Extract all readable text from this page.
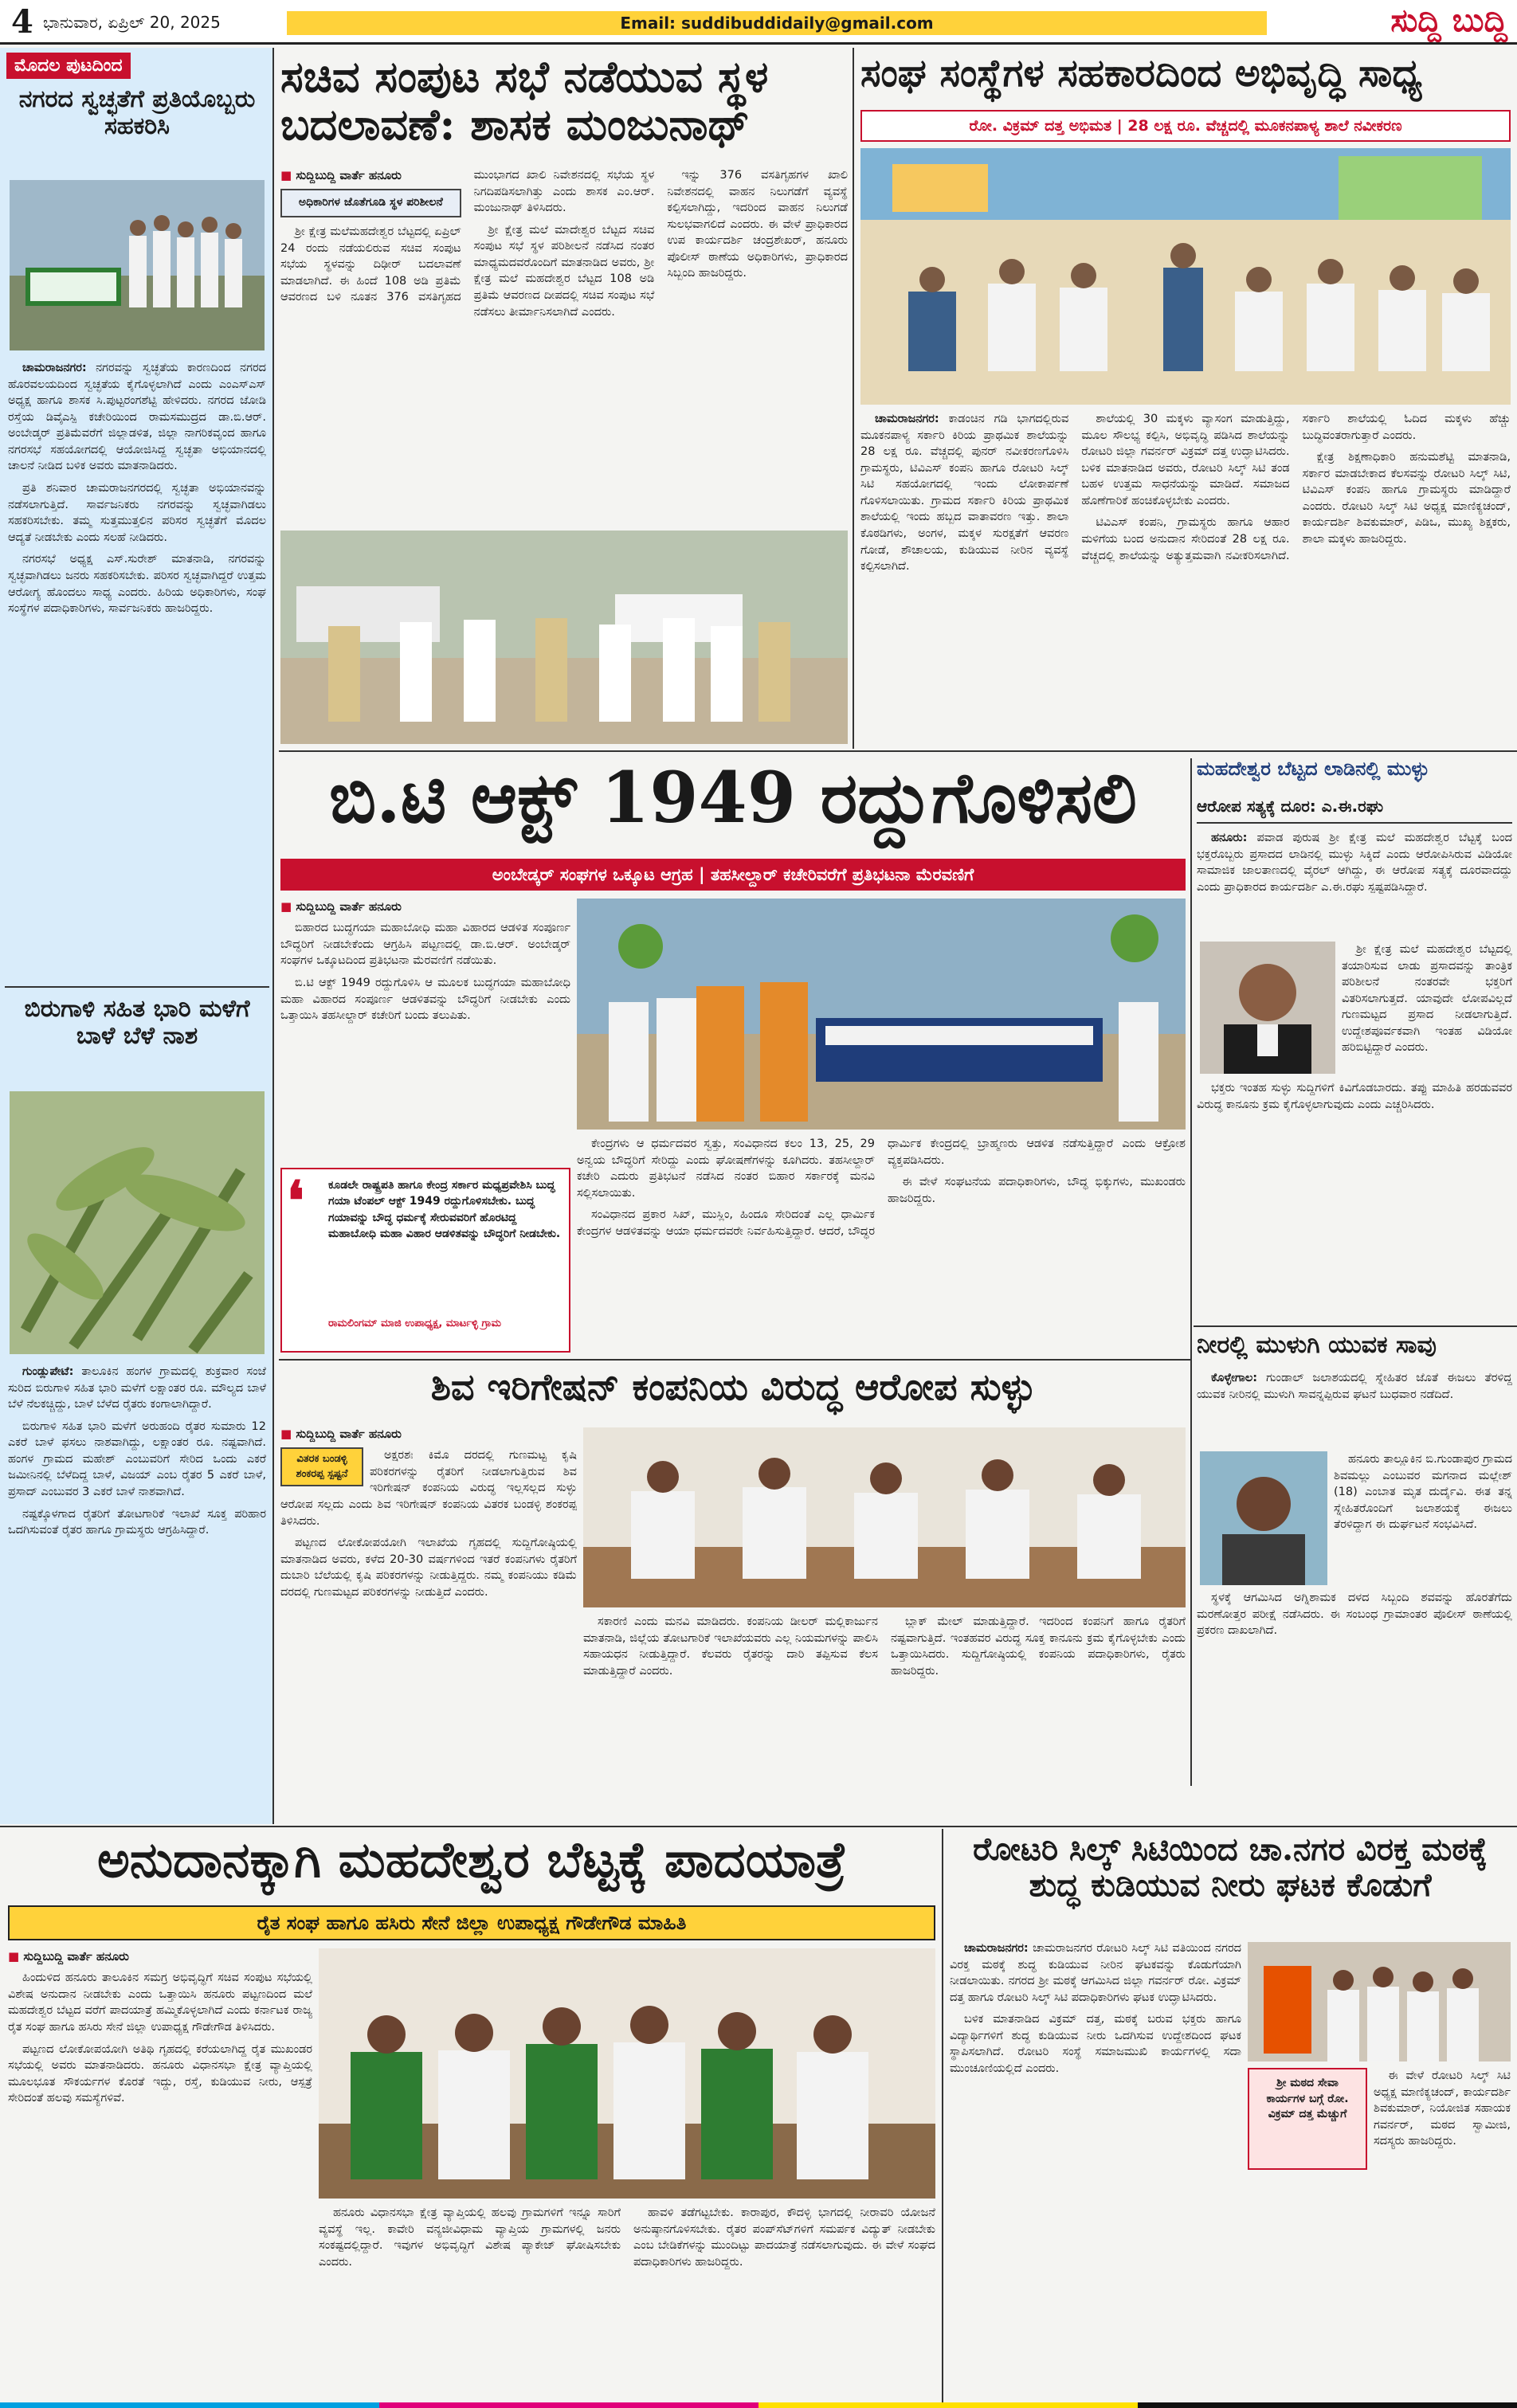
4 ಭಾನುವಾರ, ಏಪ್ರಿಲ್ 20, 2025	Email: suddibuddidaily@gmail.com	ಸುದ್ದಿ ಬುದ್ದಿ
ಮೊದಲ ಪುಟದಿಂದ
ನಗರದ ಸ್ವಚ್ಛತೆಗೆ ಪ್ರತಿಯೊಬ್ಬರು ಸಹಕರಿಸಿ

ಚಾಮರಾಜನಗರ: ನಗರವನ್ನು ಸ್ವಚ್ಛತೆಯ ಕಾರಣದಿಂದ ನಗರದ ಹೊರವಲಯದಿಂದ ಸ್ವಚ್ಛತೆಯ ಕೈಗೊಳ್ಳಲಾಗಿದೆ ಎಂದು ಎಂಎಸ್‌ಎಸ್ ಅಧ್ಯಕ್ಷ ಹಾಗೂ ಶಾಸಕ ಸಿ.ಪುಟ್ಟರಂಗಶೆಟ್ಟಿ ಹೇಳಿದರು. ನಗರದ ಜೋಡಿ ರಸ್ತೆಯ ಡಿವೈಎಸ್ಪಿ ಕಚೇರಿಯಿಂದ ರಾಮಸಮುದ್ರದ ಡಾ.ಬಿ.ಆರ್. ಅಂಬೇಡ್ಕರ್ ಪ್ರತಿಮೆವರೆಗೆ ಜಿಲ್ಲಾಡಳಿತ, ಜಿಲ್ಲಾ ನಾಗರಿಕವೃಂದ ಹಾಗೂ ನಗರಸಭೆ ಸಹಯೋಗದಲ್ಲಿ ಆಯೋಜಿಸಿದ್ದ ಸ್ವಚ್ಛತಾ ಅಭಿಯಾನದಲ್ಲಿ ಚಾಲನೆ ನೀಡಿದ ಬಳಿಕ ಅವರು ಮಾತನಾಡಿದರು.

ಪ್ರತಿ ಶನಿವಾರ ಚಾಮರಾಜನಗರದಲ್ಲಿ ಸ್ವಚ್ಛತಾ ಅಭಿಯಾನವನ್ನು ನಡೆಸಲಾಗುತ್ತಿದೆ. ಸಾರ್ವಜನಿಕರು ನಗರವನ್ನು ಸ್ವಚ್ಛವಾಗಿಡಲು ಸಹಕರಿಸಬೇಕು. ತಮ್ಮ ಸುತ್ತಮುತ್ತಲಿನ ಪರಿಸರ ಸ್ವಚ್ಛತೆಗೆ ಮೊದಲ ಆದ್ಯತೆ ನೀಡಬೇಕು ಎಂದು ಸಲಹೆ ನೀಡಿದರು.

ನಗರಸಭೆ ಅಧ್ಯಕ್ಷ ಎಸ್.ಸುರೇಶ್ ಮಾತನಾಡಿ, ನಗರವನ್ನು ಸ್ವಚ್ಛವಾಗಿಡಲು ಜನರು ಸಹಕರಿಸಬೇಕು. ಪರಿಸರ ಸ್ವಚ್ಛವಾಗಿದ್ದರೆ ಉತ್ತಮ ಆರೋಗ್ಯ ಹೊಂದಲು ಸಾಧ್ಯ ಎಂದರು. ಹಿರಿಯ ಅಧಿಕಾರಿಗಳು, ಸಂಘ ಸಂಸ್ಥೆಗಳ ಪದಾಧಿಕಾರಿಗಳು, ಸಾರ್ವಜನಿಕರು ಹಾಜರಿದ್ದರು.

ಬಿರುಗಾಳಿ ಸಹಿತ ಭಾರಿ ಮಳೆಗೆ ಬಾಳೆ ಬೆಳೆ ನಾಶ

ಗುಂಡ್ಲುಪೇಟೆ: ತಾಲೂಕಿನ ಹಂಗಳ ಗ್ರಾಮದಲ್ಲಿ ಶುಕ್ರವಾರ ಸಂಜೆ ಸುರಿದ ಬಿರುಗಾಳಿ ಸಹಿತ ಭಾರಿ ಮಳೆಗೆ ಲಕ್ಷಾಂತರ ರೂ. ಮೌಲ್ಯದ ಬಾಳೆ ಬೆಳೆ ನೆಲಕಚ್ಚಿದ್ದು, ಬಾಳೆ ಬೆಳೆದ ರೈತರು ಕಂಗಾಲಾಗಿದ್ದಾರೆ.

ಬಿರುಗಾಳಿ ಸಹಿತ ಭಾರಿ ಮಳೆಗೆ ಅರುಹಂದಿ ರೈತರ ಸುಮಾರು 12 ಎಕರೆ ಬಾಳೆ ಫಸಲು ನಾಶವಾಗಿದ್ದು, ಲಕ್ಷಾಂತರ ರೂ. ನಷ್ಟವಾಗಿದೆ. ಹಂಗಳ ಗ್ರಾಮದ ಮಹೇಶ್ ಎಂಬುವರಿಗೆ ಸೇರಿದ ಒಂದು ಎಕರೆ ಜಮೀನಿನಲ್ಲಿ ಬೆಳೆದಿದ್ದ ಬಾಳೆ, ವಿಜಯ್ ಎಂಬ ರೈತರ 5 ಎಕರೆ ಬಾಳೆ, ಪ್ರಸಾದ್ ಎಂಬುವರ 3 ಎಕರೆ ಬಾಳೆ ನಾಶವಾಗಿದೆ.

ನಷ್ಟಕ್ಕೊಳಗಾದ ರೈತರಿಗೆ ತೋಟಗಾರಿಕೆ ಇಲಾಖೆ ಸೂಕ್ತ ಪರಿಹಾರ ಒದಗಿಸುವಂತೆ ರೈತರ ಹಾಗೂ ಗ್ರಾಮಸ್ಥರು ಆಗ್ರಹಿಸಿದ್ದಾರೆ.

ಸಚಿವ ಸಂಪುಟ ಸಭೆ ನಡೆಯುವ ಸ್ಥಳ ಬದಲಾವಣೆ: ಶಾಸಕ ಮಂಜುನಾಥ್
■ ಸುದ್ದಿಬುದ್ದಿ ವಾರ್ತೆ ಹನೂರು
ಅಧಿಕಾರಿಗಳ ಜೊತೆಗೂಡಿ ಸ್ಥಳ ಪರಿಶೀಲನೆ

ಶ್ರೀ ಕ್ಷೇತ್ರ ಮಲೆಮಹದೇಶ್ವರ ಬೆಟ್ಟದಲ್ಲಿ ಏಪ್ರಿಲ್ 24 ರಂದು ನಡೆಯಲಿರುವ ಸಚಿವ ಸಂಪುಟ ಸಭೆಯ ಸ್ಥಳವನ್ನು ದಿಢೀರ್ ಬದಲಾವಣೆ ಮಾಡಲಾಗಿದೆ. ಈ ಹಿಂದೆ 108 ಅಡಿ ಪ್ರತಿಮೆ ಆವರಣದ ಬಳಿ ನೂತನ 376 ವಸತಿಗೃಹದ ಮುಂಭಾಗದ ಖಾಲಿ ನಿವೇಶನದಲ್ಲಿ ಸಭೆಯ ಸ್ಥಳ ನಿಗದಿಪಡಿಸಲಾಗಿತ್ತು ಎಂದು ಶಾಸಕ ಎಂ.ಆರ್. ಮಂಜುನಾಥ್ ತಿಳಿಸಿದರು.

ಶ್ರೀ ಕ್ಷೇತ್ರ ಮಲೆ ಮಾದೇಶ್ವರ ಬೆಟ್ಟದ ಸಚಿವ ಸಂಪುಟ ಸಭೆ ಸ್ಥಳ ಪರಿಶೀಲನೆ ನಡೆಸಿದ ನಂತರ ಮಾಧ್ಯಮದವರೊಂದಿಗೆ ಮಾತನಾಡಿದ ಅವರು, ಶ್ರೀ ಕ್ಷೇತ್ರ ಮಲೆ ಮಹದೇಶ್ವರ ಬೆಟ್ಟದ 108 ಅಡಿ ಪ್ರತಿಮೆ ಆವರಣದ ದೀಪದಲ್ಲಿ ಸಚಿವ ಸಂಪುಟ ಸಭೆ ನಡೆಸಲು ತೀರ್ಮಾನಿಸಲಾಗಿದೆ ಎಂದರು.

ಇನ್ನು 376 ವಸತಿಗೃಹಗಳ ಖಾಲಿ ನಿವೇಶನದಲ್ಲಿ ವಾಹನ ನಿಲುಗಡೆಗೆ ವ್ಯವಸ್ಥೆ ಕಲ್ಪಿಸಲಾಗಿದ್ದು, ಇದರಿಂದ ವಾಹನ ನಿಲುಗಡೆ ಸುಲಭವಾಗಲಿದೆ ಎಂದರು. ಈ ವೇಳೆ ಪ್ರಾಧಿಕಾರದ ಉಪ ಕಾರ್ಯದರ್ಶಿ ಚಂದ್ರಶೇಖರ್, ಹನೂರು ಪೊಲೀಸ್ ಠಾಣೆಯ ಅಧಿಕಾರಿಗಳು, ಪ್ರಾಧಿಕಾರದ ಸಿಬ್ಬಂದಿ ಹಾಜರಿದ್ದರು.

ಸಂಘ ಸಂಸ್ಥೆಗಳ ಸಹಕಾರದಿಂದ ಅಭಿವೃದ್ಧಿ ಸಾಧ್ಯ
ರೋ. ವಿಕ್ರಮ್ ದತ್ತ ಅಭಿಮತ | 28 ಲಕ್ಷ ರೂ. ವೆಚ್ಚದಲ್ಲಿ ಮೂಕನಪಾಳ್ಯ ಶಾಲೆ ನವೀಕರಣ

ಚಾಮರಾಜನಗರ: ಕಾಡಂಚಿನ ಗಡಿ ಭಾಗದಲ್ಲಿರುವ ಮೂಕನಪಾಳ್ಯ ಸರ್ಕಾರಿ ಕಿರಿಯ ಪ್ರಾಥಮಿಕ ಶಾಲೆಯನ್ನು 28 ಲಕ್ಷ ರೂ. ವೆಚ್ಚದಲ್ಲಿ ಪುನರ್ ನವೀಕರಣಗೊಳಿಸಿ ಗ್ರಾಮಸ್ಥರು, ಟಿವಿಎಸ್ ಕಂಪನಿ ಹಾಗೂ ರೋಟರಿ ಸಿಲ್ಕ್ ಸಿಟಿ ಸಹಯೋಗದಲ್ಲಿ ಇಂದು ಲೋಕಾರ್ಪಣೆ ಗೊಳಿಸಲಾಯಿತು. ಗ್ರಾಮದ ಸರ್ಕಾರಿ ಕಿರಿಯ ಪ್ರಾಥಮಿಕ ಶಾಲೆಯಲ್ಲಿ ಇಂದು ಹಬ್ಬದ ವಾತಾವರಣ ಇತ್ತು. ಶಾಲಾ ಕೊಠಡಿಗಳು, ಅಂಗಳ, ಮಕ್ಕಳ ಸುರಕ್ಷತೆಗೆ ಆವರಣ ಗೋಡೆ, ಶೌಚಾಲಯ, ಕುಡಿಯುವ ನೀರಿನ ವ್ಯವಸ್ಥೆ ಕಲ್ಪಿಸಲಾಗಿದೆ.

ಶಾಲೆಯಲ್ಲಿ 30 ಮಕ್ಕಳು ವ್ಯಾಸಂಗ ಮಾಡುತ್ತಿದ್ದು, ಮೂಲ ಸೌಲಭ್ಯ ಕಲ್ಪಿಸಿ, ಅಭಿವೃದ್ಧಿ ಪಡಿಸಿದ ಶಾಲೆಯನ್ನು ರೋಟರಿ ಜಿಲ್ಲಾ ಗವರ್ನರ್ ವಿಕ್ರಮ್ ದತ್ತ ಉದ್ಘಾಟಿಸಿದರು. ಬಳಿಕ ಮಾತನಾಡಿದ ಅವರು, ರೋಟರಿ ಸಿಲ್ಕ್ ಸಿಟಿ ತಂಡ ಬಹಳ ಉತ್ತಮ ಸಾಧನೆಯನ್ನು ಮಾಡಿದೆ. ಸಮಾಜದ ಹೊಣೆಗಾರಿಕೆ ಹಂಚಿಕೊಳ್ಳಬೇಕು ಎಂದರು.

ಟಿವಿಎಸ್ ಕಂಪನಿ, ಗ್ರಾಮಸ್ಥರು ಹಾಗೂ ಆಹಾರ ಮಳಿಗೆಯ ಬಂದ ಅನುದಾನ ಸೇರಿದಂತೆ 28 ಲಕ್ಷ ರೂ. ವೆಚ್ಚದಲ್ಲಿ ಶಾಲೆಯನ್ನು ಅತ್ಯುತ್ತಮವಾಗಿ ನವೀಕರಿಸಲಾಗಿದೆ. ಸರ್ಕಾರಿ ಶಾಲೆಯಲ್ಲಿ ಓದಿದ ಮಕ್ಕಳು ಹೆಚ್ಚು ಬುದ್ಧಿವಂತರಾಗುತ್ತಾರೆ ಎಂದರು.

ಕ್ಷೇತ್ರ ಶಿಕ್ಷಣಾಧಿಕಾರಿ ಹನುಮಶೆಟ್ಟಿ ಮಾತನಾಡಿ, ಸರ್ಕಾರ ಮಾಡಬೇಕಾದ ಕೆಲಸವನ್ನು ರೋಟರಿ ಸಿಲ್ಕ್ ಸಿಟಿ, ಟಿವಿಎಸ್ ಕಂಪನಿ ಹಾಗೂ ಗ್ರಾಮಸ್ಥರು ಮಾಡಿದ್ದಾರೆ ಎಂದರು. ರೋಟರಿ ಸಿಲ್ಕ್ ಸಿಟಿ ಅಧ್ಯಕ್ಷ ಮಾಣಿಕ್ಯಚಂದ್, ಕಾರ್ಯದರ್ಶಿ ಶಿವಕುಮಾರ್, ಪಿಡಿಒ, ಮುಖ್ಯ ಶಿಕ್ಷಕರು, ಶಾಲಾ ಮಕ್ಕಳು ಹಾಜರಿದ್ದರು.

ಬಿ.ಟಿ ಆಕ್ಟ್ 1949 ರದ್ದುಗೊಳಿಸಲಿ
ಅಂಬೇಡ್ಕರ್ ಸಂಘಗಳ ಒಕ್ಕೂಟ ಆಗ್ರಹ | ತಹಸೀಲ್ದಾರ್ ಕಚೇರಿವರೆಗೆ ಪ್ರತಿಭಟನಾ ಮೆರವಣಿಗೆ
■ ಸುದ್ದಿಬುದ್ದಿ ವಾರ್ತೆ ಹನೂರು

ಬಿಹಾರದ ಬುದ್ಧಗಯಾ ಮಹಾಬೋಧಿ ಮಹಾ ವಿಹಾರದ ಆಡಳಿತ ಸಂಪೂರ್ಣ ಬೌದ್ಧರಿಗೆ ನೀಡಬೇಕೆಂದು ಆಗ್ರಹಿಸಿ ಪಟ್ಟಣದಲ್ಲಿ ಡಾ.ಬಿ.ಆರ್. ಅಂಬೇಡ್ಕರ್ ಸಂಘಗಳ ಒಕ್ಕೂಟದಿಂದ ಪ್ರತಿಭಟನಾ ಮೆರವಣಿಗೆ ನಡೆಯಿತು.

ಬಿ.ಟಿ ಆಕ್ಟ್ 1949 ರದ್ದುಗೊಳಿಸಿ ಆ ಮೂಲಕ ಬುದ್ಧಗಯಾ ಮಹಾಬೋಧಿ ಮಹಾ ವಿಹಾರದ ಸಂಪೂರ್ಣ ಆಡಳಿತವನ್ನು ಬೌದ್ಧರಿಗೆ ನೀಡಬೇಕು ಎಂದು ಒತ್ತಾಯಿಸಿ ತಹಸೀಲ್ದಾರ್ ಕಚೇರಿಗೆ ಬಂದು ತಲುಪಿತು.

❛ ಕೂಡಲೇ ರಾಷ್ಟ್ರಪತಿ ಹಾಗೂ ಕೇಂದ್ರ ಸರ್ಕಾರ ಮಧ್ಯಪ್ರವೇಶಿಸಿ ಬುದ್ಧ ಗಯಾ ಟೆಂಪಲ್ ಆಕ್ಟ್ 1949 ರದ್ದುಗೊಳಿಸಬೇಕು. ಬುದ್ಧ ಗಯಾವನ್ನು ಬೌದ್ಧ ಧರ್ಮಕ್ಕೆ ಸೇರುವವರಿಗೆ ಹೊರಟಿದ್ದ ಮಹಾಬೋಧಿ ಮಹಾ ವಿಹಾರ ಆಡಳಿತವನ್ನು ಬೌದ್ಧರಿಗೆ ನೀಡಬೇಕು.
ರಾಮಲಿಂಗಮ್ ಮಾಜಿ ಉಪಾಧ್ಯಕ್ಷ, ಮಾರ್ಟಳ್ಳಿ ಗ್ರಾಮ

ಕೇಂದ್ರಗಳು ಆ ಧರ್ಮದವರ ಸ್ವತ್ತು, ಸಂವಿಧಾನದ ಕಲಂ 13, 25, 29 ಅನ್ವಯ ಬೌದ್ಧರಿಗೆ ಸೇರಿದ್ದು ಎಂದು ಘೋಷಣೆಗಳನ್ನು ಕೂಗಿದರು. ತಹಸೀಲ್ದಾರ್ ಕಚೇರಿ ಎದುರು ಪ್ರತಿಭಟನೆ ನಡೆಸಿದ ನಂತರ ಬಿಹಾರ ಸರ್ಕಾರಕ್ಕೆ ಮನವಿ ಸಲ್ಲಿಸಲಾಯಿತು.

ಸಂವಿಧಾನದ ಪ್ರಕಾರ ಸಿಖ್, ಮುಸ್ಲಿಂ, ಹಿಂದೂ ಸೇರಿದಂತೆ ಎಲ್ಲ ಧಾರ್ಮಿಕ ಕೇಂದ್ರಗಳ ಆಡಳಿತವನ್ನು ಆಯಾ ಧರ್ಮದವರೇ ನಿರ್ವಹಿಸುತ್ತಿದ್ದಾರೆ. ಆದರೆ, ಬೌದ್ಧರ ಧಾರ್ಮಿಕ ಕೇಂದ್ರದಲ್ಲಿ ಬ್ರಾಹ್ಮಣರು ಆಡಳಿತ ನಡೆಸುತ್ತಿದ್ದಾರೆ ಎಂದು ಆಕ್ರೋಶ ವ್ಯಕ್ತಪಡಿಸಿದರು.

ಈ ವೇಳೆ ಸಂಘಟನೆಯ ಪದಾಧಿಕಾರಿಗಳು, ಬೌದ್ಧ ಭಿಕ್ಕುಗಳು, ಮುಖಂಡರು ಹಾಜರಿದ್ದರು.

ಮಹದೇಶ್ವರ ಬೆಟ್ಟದ ಲಾಡಿನಲ್ಲಿ ಮುಳ್ಳು
ಆರೋಪ ಸತ್ಯಕ್ಕೆ ದೂರ: ಎ.ಈ.ರಘು

ಹನೂರು: ಪವಾಡ ಪುರುಷ ಶ್ರೀ ಕ್ಷೇತ್ರ ಮಲೆ ಮಹದೇಶ್ವರ ಬೆಟ್ಟಕ್ಕೆ ಬಂದ ಭಕ್ತರೊಬ್ಬರು ಪ್ರಸಾದದ ಲಾಡಿನಲ್ಲಿ ಮುಳ್ಳು ಸಿಕ್ಕಿದೆ ಎಂದು ಆರೋಪಿಸಿರುವ ವಿಡಿಯೋ ಸಾಮಾಜಿಕ ಜಾಲತಾಣದಲ್ಲಿ ವೈರಲ್ ಆಗಿದ್ದು, ಈ ಆರೋಪ ಸತ್ಯಕ್ಕೆ ದೂರವಾದದ್ದು ಎಂದು ಪ್ರಾಧಿಕಾರದ ಕಾರ್ಯದರ್ಶಿ ಎ.ಈ.ರಘು ಸ್ಪಷ್ಟಪಡಿಸಿದ್ದಾರೆ.

ಶ್ರೀ ಕ್ಷೇತ್ರ ಮಲೆ ಮಹದೇಶ್ವರ ಬೆಟ್ಟದಲ್ಲಿ ತಯಾರಿಸುವ ಲಾಡು ಪ್ರಸಾದವನ್ನು ತಾಂತ್ರಿಕ ಪರಿಶೀಲನೆ ನಂತರವೇ ಭಕ್ತರಿಗೆ ವಿತರಿಸಲಾಗುತ್ತದೆ. ಯಾವುದೇ ಲೋಪವಿಲ್ಲದೆ ಗುಣಮಟ್ಟದ ಪ್ರಸಾದ ನೀಡಲಾಗುತ್ತಿದೆ. ಉದ್ದೇಶಪೂರ್ವಕವಾಗಿ ಇಂತಹ ವಿಡಿಯೋ ಹರಿಬಿಟ್ಟಿದ್ದಾರೆ ಎಂದರು.

ಭಕ್ತರು ಇಂತಹ ಸುಳ್ಳು ಸುದ್ದಿಗಳಿಗೆ ಕಿವಿಗೊಡಬಾರದು. ತಪ್ಪು ಮಾಹಿತಿ ಹರಡುವವರ ವಿರುದ್ಧ ಕಾನೂನು ಕ್ರಮ ಕೈಗೊಳ್ಳಲಾಗುವುದು ಎಂದು ಎಚ್ಚರಿಸಿದರು.

ನೀರಲ್ಲಿ ಮುಳುಗಿ ಯುವಕ ಸಾವು

ಕೊಳ್ಳೇಗಾಲ: ಗುಂಡಾಲ್ ಜಲಾಶಯದಲ್ಲಿ ಸ್ನೇಹಿತರ ಜೊತೆ ಈಜಲು ತೆರಳಿದ್ದ ಯುವಕ ನೀರಿನಲ್ಲಿ ಮುಳುಗಿ ಸಾವನ್ನಪ್ಪಿರುವ ಘಟನೆ ಬುಧವಾರ ನಡೆದಿದೆ.

ಹನೂರು ತಾಲ್ಲೂಕಿನ ಬಿ.ಗುಂಡಾಪುರ ಗ್ರಾಮದ ಶಿವಮಲ್ಲು ಎಂಬುವರ ಮಗನಾದ ಮಲ್ಲೇಶ್ (18) ಎಂಬಾತ ಮೃತ ದುರ್ದೈವಿ. ಈತ ತನ್ನ ಸ್ನೇಹಿತರೊಂದಿಗೆ ಜಲಾಶಯಕ್ಕೆ ಈಜಲು ತೆರಳಿದ್ದಾಗ ಈ ದುರ್ಘಟನೆ ಸಂಭವಿಸಿದೆ.

ಸ್ಥಳಕ್ಕೆ ಆಗಮಿಸಿದ ಅಗ್ನಿಶಾಮಕ ದಳದ ಸಿಬ್ಬಂದಿ ಶವವನ್ನು ಹೊರತೆಗೆದು ಮರಣೋತ್ತರ ಪರೀಕ್ಷೆ ನಡೆಸಿದರು. ಈ ಸಂಬಂಧ ಗ್ರಾಮಾಂತರ ಪೊಲೀಸ್ ಠಾಣೆಯಲ್ಲಿ ಪ್ರಕರಣ ದಾಖಲಾಗಿದೆ.

ಶಿವ ಇರಿಗೇಷನ್ ಕಂಪನಿಯ ವಿರುದ್ಧ ಆರೋಪ ಸುಳ್ಳು
■ ಸುದ್ದಿಬುದ್ದಿ ವಾರ್ತೆ ಹನೂರು
ವಿತರಕ ಬಂಡಳ್ಳಿ ಶಂಕರಪ್ಪ ಸ್ಪಷ್ಟನೆ

ಅಕ್ಷರಶಃ ಕಿಮೊ ದರದಲ್ಲಿ ಗುಣಮಟ್ಟ ಕೃಷಿ ಪರಿಕರಗಳನ್ನು ರೈತರಿಗೆ ನೀಡಲಾಗುತ್ತಿರುವ ಶಿವ ಇರಿಗೇಷನ್ ಕಂಪನಿಯ ವಿರುದ್ಧ ಇಲ್ಲಸಲ್ಲದ ಸುಳ್ಳು ಆರೋಪ ಸಲ್ಲದು ಎಂದು ಶಿವ ಇರಿಗೇಷನ್ ಕಂಪನಿಯ ವಿತರಕ ಬಂಡಳ್ಳಿ ಶಂಕರಪ್ಪ ತಿಳಿಸಿದರು.

ಪಟ್ಟಣದ ಲೋಕೋಪಯೋಗಿ ಇಲಾಖೆಯ ಗೃಹದಲ್ಲಿ ಸುದ್ದಿಗೋಷ್ಠಿಯಲ್ಲಿ ಮಾತನಾಡಿದ ಅವರು, ಕಳೆದ 20-30 ವರ್ಷಗಳಿಂದ ಇತರೆ ಕಂಪನಿಗಳು ರೈತರಿಗೆ ದುಬಾರಿ ಬೆಲೆಯಲ್ಲಿ ಕೃಷಿ ಪರಿಕರಗಳನ್ನು ನೀಡುತ್ತಿದ್ದರು. ನಮ್ಮ ಕಂಪನಿಯು ಕಡಿಮೆ ದರದಲ್ಲಿ ಗುಣಮಟ್ಟದ ಪರಿಕರಗಳನ್ನು ನೀಡುತ್ತಿದೆ ಎಂದರು.

ಸಕಾರಣಿ ಎಂದು ಮನವಿ ಮಾಡಿದರು. ಕಂಪನಿಯ ಡೀಲರ್ ಮಲ್ಲಿಕಾರ್ಜುನ ಮಾತನಾಡಿ, ಜಿಲ್ಲೆಯ ತೋಟಗಾರಿಕೆ ಇಲಾಖೆಯವರು ಎಲ್ಲ ನಿಯಮಗಳನ್ನು ಪಾಲಿಸಿ ಸಹಾಯಧನ ನೀಡುತ್ತಿದ್ದಾರೆ. ಕೆಲವರು ರೈತರನ್ನು ದಾರಿ ತಪ್ಪಿಸುವ ಕೆಲಸ ಮಾಡುತ್ತಿದ್ದಾರೆ ಎಂದರು.

ಬ್ಲಾಕ್ ಮೇಲ್ ಮಾಡುತ್ತಿದ್ದಾರೆ. ಇದರಿಂದ ಕಂಪನಿಗೆ ಹಾಗೂ ರೈತರಿಗೆ ನಷ್ಟವಾಗುತ್ತಿದೆ. ಇಂತಹವರ ವಿರುದ್ಧ ಸೂಕ್ತ ಕಾನೂನು ಕ್ರಮ ಕೈಗೊಳ್ಳಬೇಕು ಎಂದು ಒತ್ತಾಯಿಸಿದರು. ಸುದ್ದಿಗೋಷ್ಠಿಯಲ್ಲಿ ಕಂಪನಿಯ ಪದಾಧಿಕಾರಿಗಳು, ರೈತರು ಹಾಜರಿದ್ದರು.

ಅನುದಾನಕ್ಕಾಗಿ ಮಹದೇಶ್ವರ ಬೆಟ್ಟಕ್ಕೆ ಪಾದಯಾತ್ರೆ
ರೈತ ಸಂಘ ಹಾಗೂ ಹಸಿರು ಸೇನೆ ಜಿಲ್ಲಾ ಉಪಾಧ್ಯಕ್ಷ ಗೌಡೇಗೌಡ ಮಾಹಿತಿ
■ ಸುದ್ದಿಬುದ್ದಿ ವಾರ್ತೆ ಹನೂರು

ಹಿಂದುಳಿದ ಹನೂರು ತಾಲೂಕಿನ ಸಮಗ್ರ ಅಭಿವೃದ್ಧಿಗೆ ಸಚಿವ ಸಂಪುಟ ಸಭೆಯಲ್ಲಿ ವಿಶೇಷ ಅನುದಾನ ನೀಡಬೇಕು ಎಂದು ಒತ್ತಾಯಿಸಿ ಹನೂರು ಪಟ್ಟಣದಿಂದ ಮಲೆ ಮಹದೇಶ್ವರ ಬೆಟ್ಟದ ವರೆಗೆ ಪಾದಯಾತ್ರೆ ಹಮ್ಮಿಕೊಳ್ಳಲಾಗಿದೆ ಎಂದು ಕರ್ನಾಟಕ ರಾಜ್ಯ ರೈತ ಸಂಘ ಹಾಗೂ ಹಸಿರು ಸೇನೆ ಜಿಲ್ಲಾ ಉಪಾಧ್ಯಕ್ಷ ಗೌಡೇಗೌಡ ತಿಳಿಸಿದರು.

ಪಟ್ಟಣದ ಲೋಕೋಪಯೋಗಿ ಅತಿಥಿ ಗೃಹದಲ್ಲಿ ಕರೆಯಲಾಗಿದ್ದ ರೈತ ಮುಖಂಡರ ಸಭೆಯಲ್ಲಿ ಅವರು ಮಾತನಾಡಿದರು. ಹನೂರು ವಿಧಾನಸಭಾ ಕ್ಷೇತ್ರ ವ್ಯಾಪ್ತಿಯಲ್ಲಿ ಮೂಲಭೂತ ಸೌಕರ್ಯಗಳ ಕೊರತೆ ಇದ್ದು, ರಸ್ತೆ, ಕುಡಿಯುವ ನೀರು, ಆಸ್ಪತ್ರೆ ಸೇರಿದಂತೆ ಹಲವು ಸಮಸ್ಯೆಗಳಿವೆ.

ಹನೂರು ವಿಧಾನಸಭಾ ಕ್ಷೇತ್ರ ವ್ಯಾಪ್ತಿಯಲ್ಲಿ ಹಲವು ಗ್ರಾಮಗಳಿಗೆ ಇನ್ನೂ ಸಾರಿಗೆ ವ್ಯವಸ್ಥೆ ಇಲ್ಲ. ಕಾವೇರಿ ವನ್ಯಜೀವಿಧಾಮ ವ್ಯಾಪ್ತಿಯ ಗ್ರಾಮಗಳಲ್ಲಿ ಜನರು ಸಂಕಷ್ಟದಲ್ಲಿದ್ದಾರೆ. ಇವುಗಳ ಅಭಿವೃದ್ಧಿಗೆ ವಿಶೇಷ ಪ್ಯಾಕೇಜ್ ಘೋಷಿಸಬೇಕು ಎಂದರು.

ಹಾವಳಿ ತಡೆಗಟ್ಟಬೇಕು. ಕಾರಾಪುರ, ಕೌದಳ್ಳಿ ಭಾಗದಲ್ಲಿ ನೀರಾವರಿ ಯೋಜನೆ ಅನುಷ್ಠಾನಗೊಳಿಸಬೇಕು. ರೈತರ ಪಂಪ್‌ಸೆಟ್‌ಗಳಿಗೆ ಸಮರ್ಪಕ ವಿದ್ಯುತ್ ನೀಡಬೇಕು ಎಂಬ ಬೇಡಿಕೆಗಳನ್ನು ಮುಂದಿಟ್ಟು ಪಾದಯಾತ್ರೆ ನಡೆಸಲಾಗುವುದು. ಈ ವೇಳೆ ಸಂಘದ ಪದಾಧಿಕಾರಿಗಳು ಹಾಜರಿದ್ದರು.

ರೋಟರಿ ಸಿಲ್ಕ್ ಸಿಟಿಯಿಂದ ಚಾ.ನಗರ ವಿರಕ್ತ ಮಠಕ್ಕೆ ಶುದ್ಧ ಕುಡಿಯುವ ನೀರು ಘಟಕ ಕೊಡುಗೆ

ಚಾಮರಾಜನಗರ: ಚಾಮರಾಜನಗರ ರೋಟರಿ ಸಿಲ್ಕ್ ಸಿಟಿ ವತಿಯಿಂದ ನಗರದ ವಿರಕ್ತ ಮಠಕ್ಕೆ ಶುದ್ಧ ಕುಡಿಯುವ ನೀರಿನ ಘಟಕವನ್ನು ಕೊಡುಗೆಯಾಗಿ ನೀಡಲಾಯಿತು. ನಗರದ ಶ್ರೀ ಮಠಕ್ಕೆ ಆಗಮಿಸಿದ ಜಿಲ್ಲಾ ಗವರ್ನರ್ ರೋ. ವಿಕ್ರಮ್ ದತ್ತ ಹಾಗೂ ರೋಟರಿ ಸಿಲ್ಕ್ ಸಿಟಿ ಪದಾಧಿಕಾರಿಗಳು ಘಟಕ ಉದ್ಘಾಟಿಸಿದರು.

ಬಳಿಕ ಮಾತನಾಡಿದ ವಿಕ್ರಮ್ ದತ್ತ, ಮಠಕ್ಕೆ ಬರುವ ಭಕ್ತರು ಹಾಗೂ ವಿದ್ಯಾರ್ಥಿಗಳಿಗೆ ಶುದ್ಧ ಕುಡಿಯುವ ನೀರು ಒದಗಿಸುವ ಉದ್ದೇಶದಿಂದ ಘಟಕ ಸ್ಥಾಪಿಸಲಾಗಿದೆ. ರೋಟರಿ ಸಂಸ್ಥೆ ಸಮಾಜಮುಖಿ ಕಾರ್ಯಗಳಲ್ಲಿ ಸದಾ ಮುಂಚೂಣಿಯಲ್ಲಿದೆ ಎಂದರು.

ಶ್ರೀ ಮಠದ ಸೇವಾ ಕಾರ್ಯಗಳ ಬಗ್ಗೆ ರೋ. ವಿಕ್ರಮ್ ದತ್ತ ಮೆಚ್ಚುಗೆ

ಈ ವೇಳೆ ರೋಟರಿ ಸಿಲ್ಕ್ ಸಿಟಿ ಅಧ್ಯಕ್ಷ ಮಾಣಿಕ್ಯಚಂದ್, ಕಾರ್ಯದರ್ಶಿ ಶಿವಕುಮಾರ್, ನಿಯೋಜಿತ ಸಹಾಯಕ ಗವರ್ನರ್, ಮಠದ ಸ್ವಾಮೀಜಿ, ಸದಸ್ಯರು ಹಾಜರಿದ್ದರು.
